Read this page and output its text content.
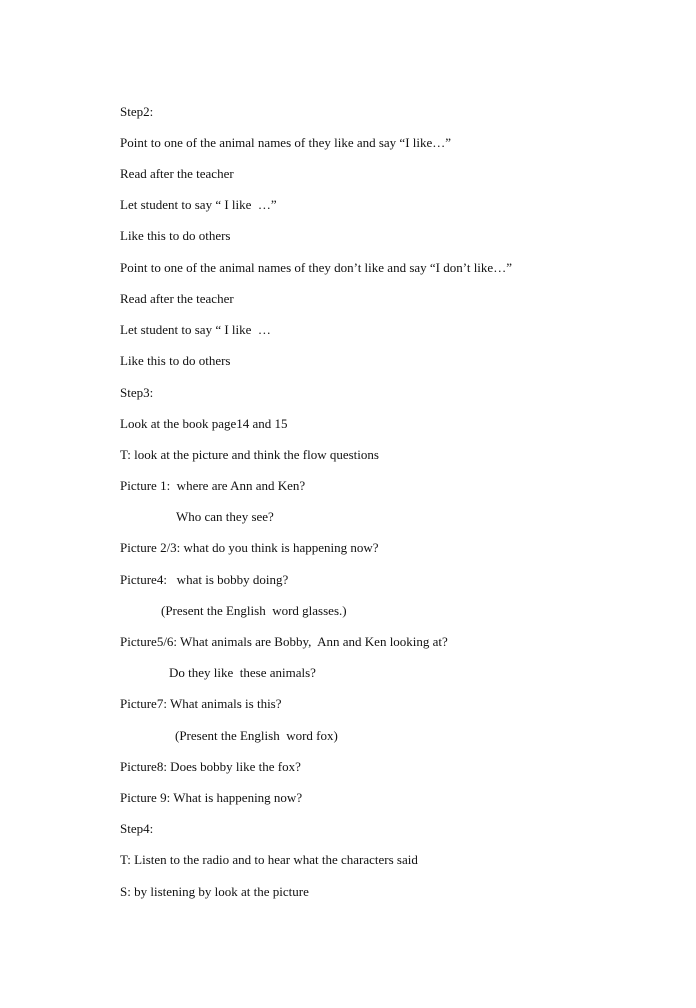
Step2:
Point to one of the animal names of they like and say “I like…”
Read after the teacher
Let student to say “ I like  …”
Like this to do others
Point to one of the animal names of they don’t like and say “I don’t like…”
Read after the teacher
Let student to say “ I like  …
Like this to do others
Step3:
Look at the book page14 and 15
T: look at the picture and think the flow questions
Picture 1:  where are Ann and Ken?
Who can they see?
Picture 2/3: what do you think is happening now?
Picture4:   what is bobby doing?
(Present the English  word glasses.)
Picture5/6: What animals are Bobby,  Ann and Ken looking at?
Do they like  these animals?
Picture7: What animals is this?
(Present the English  word fox)
Picture8: Does bobby like the fox?
Picture 9: What is happening now?
Step4:
T: Listen to the radio and to hear what the characters said
S: by listening by look at the picture
